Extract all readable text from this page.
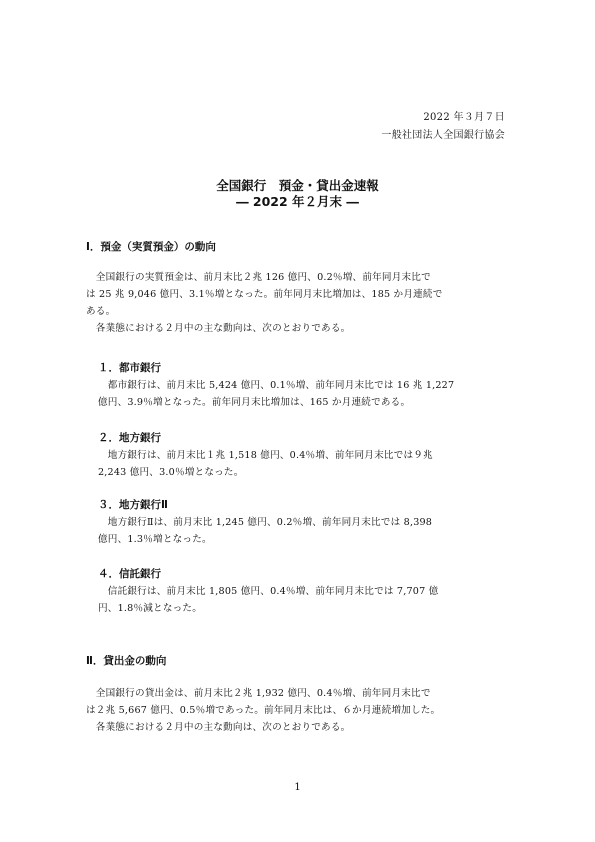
2022 年３月７日
一般社団法人全国銀行協会
全国銀行　預金・貸出金速報
― 2022 年２月末 ―
Ⅰ．預金（実質預金）の動向
　全国銀行の実質預金は、前月末比２兆 126 億円、0.2％増、前年同月末比で
は 25 兆 9,046 億円、3.1％増となった。前年同月末比増加は、185 か月連続で
ある。
　各業態における２月中の主な動向は、次のとおりである。
１．都市銀行
　都市銀行は、前月末比 5,424 億円、0.1％増、前年同月末比では 16 兆 1,227
億円、3.9％増となった。前年同月末比増加は、165 か月連続である。
２．地方銀行
　地方銀行は、前月末比１兆 1,518 億円、0.4％増、前年同月末比では９兆
2,243 億円、3.0％増となった。
３．地方銀行Ⅱ
　地方銀行Ⅱは、前月末比 1,245 億円、0.2％増、前年同月末比では 8,398
億円、1.3％増となった。
４．信託銀行
　信託銀行は、前月末比 1,805 億円、0.4％増、前年同月末比では 7,707 億
円、1.8％減となった。
Ⅱ．貸出金の動向
　全国銀行の貸出金は、前月末比２兆 1,932 億円、0.4％増、前年同月末比で
は２兆 5,667 億円、0.5％増であった。前年同月末比は、６か月連続増加した。
　各業態における２月中の主な動向は、次のとおりである。
1
